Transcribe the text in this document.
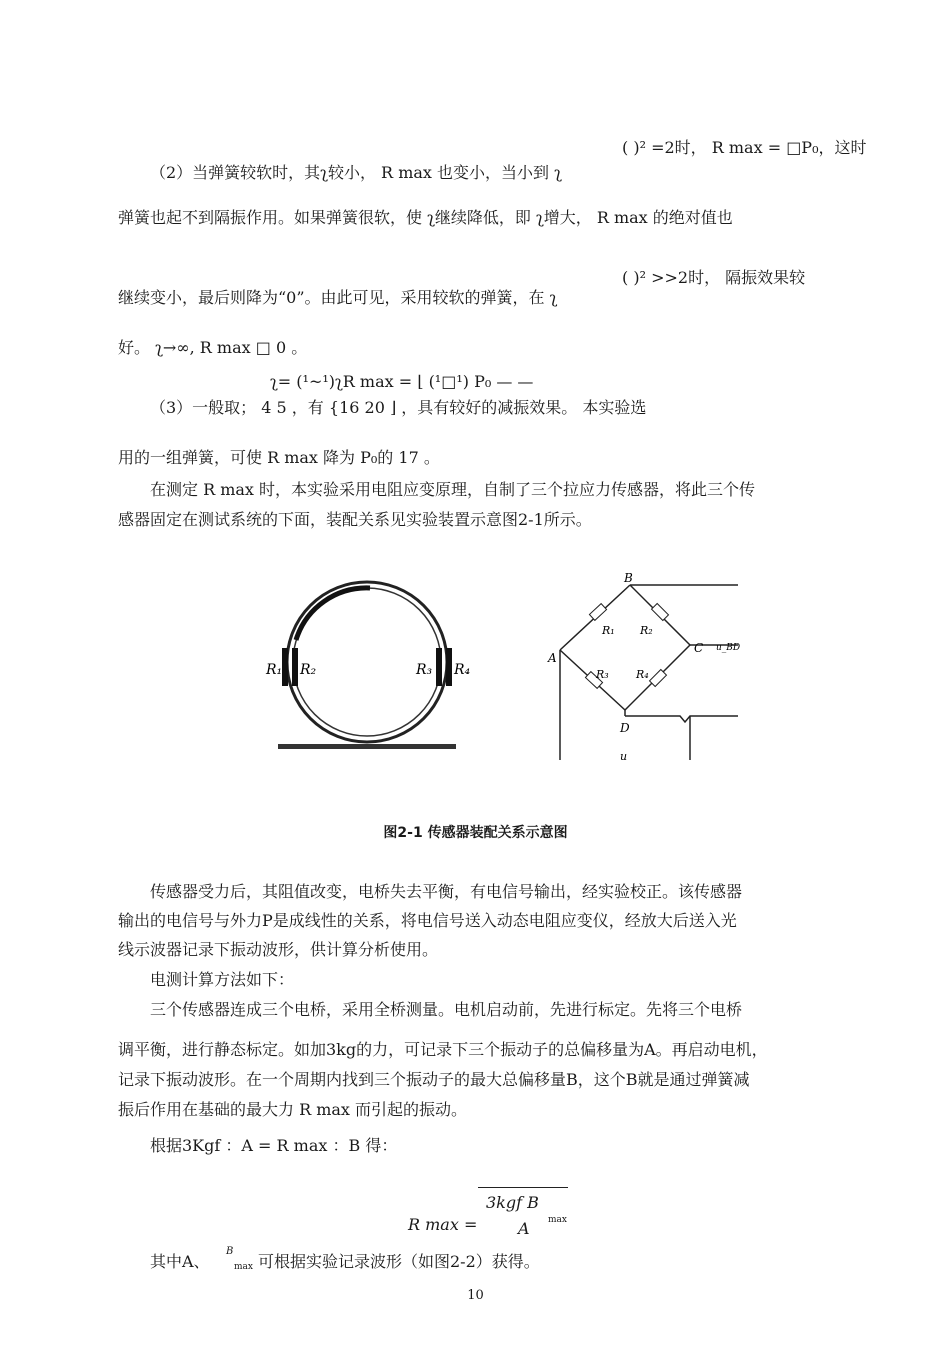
( )² =2时， R max = □P₀，这时
（2）当弹簧较软时，其ʅ较小， R max 也变小，当小到 ʅ
弹簧也起不到隔振作用。如果弹簧很软，使 ʅ继续降低，即 ʅ增大， R max 的绝对值也
( )² >>2时， 隔振效果较
继续变小，最后则降为“0”。由此可见，采用较软的弹簧，在 ʅ
好。 ʅ→∞, R max □ 0 。
ʅ= (¹~¹)ʅR max = ⌊ (¹□¹) P₀ — —
（3）一般取； 4 5 ，有 {16 20 ⌋ ，具有较好的减振效果。 本实验选
用的一组弹簧，可使 R max 降为 P₀的 17 。
在测定 R max 时，本实验采用电阻应变原理，自制了三个拉应力传感器，将此三个传
感器固定在测试系统的下面，装配关系见实验装置示意图2-1所示。
R₁ R₂	R₃ R₄
B
A
C
D
R₁ R₂
R₃ R₄
u_BD
u
图2-1 传感器装配关系示意图
传感器受力后，其阻值改变，电桥失去平衡，有电信号输出，经实验校正。该传感器
输出的电信号与外力P是成线性的关系，将电信号送入动态电阻应变仪，经放大后送入光
线示波器记录下振动波形，供计算分析使用。
电测计算方法如下：
三个传感器连成三个电桥，采用全桥测量。电机启动前，先进行标定。先将三个电桥
调平衡，进行静态标定。如加3kg的力，可记录下三个振动子的总偏移量为A。再启动电机，
记录下振动波形。在一个周期内找到三个振动子的最大总偏移量B，这个B就是通过弹簧减
振后作用在基础的最大力 R max 而引起的振动。
根据3Kgf ：A = R max ：B 得：
3kgf B
R max =	A max
其中A、
B
max 可根据实验记录波形（如图2-2）获得。
10
